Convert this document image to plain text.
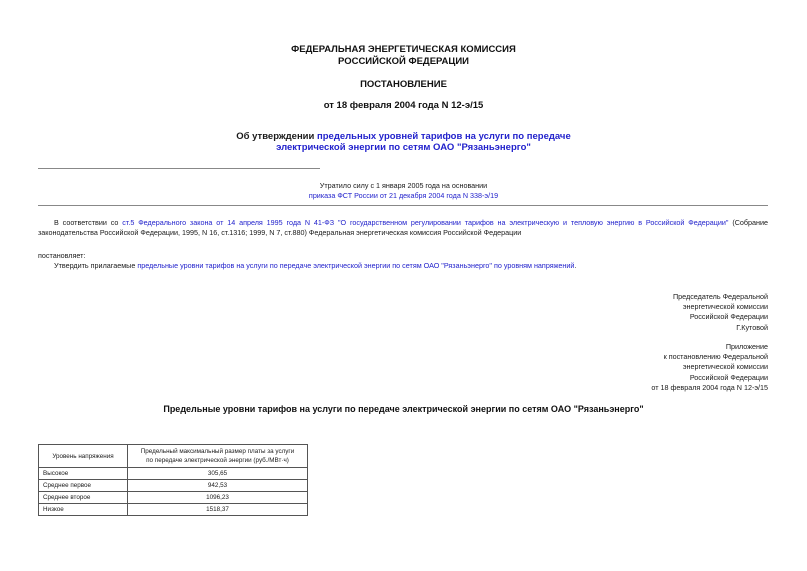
ФЕДЕРАЛЬНАЯ ЭНЕРГЕТИЧЕСКАЯ КОМИССИЯ
РОССИЙСКОЙ ФЕДЕРАЦИИ
ПОСТАНОВЛЕНИЕ
от 18 февраля 2004 года N 12-э/15
Об утверждении предельных уровней тарифов на услуги по передаче
электрической энергии по сетям ОАО "Рязаньэнерго"
Утратило силу с 1 января 2005 года на основании
приказа ФСТ России от 21 декабря 2004 года N 338-э/19
В соответствии со ст.5 Федерального закона от 14 апреля 1995 года N 41-ФЗ "О государственном регулировании тарифов на электрическую и тепловую энергию в Российской Федерации" (Собрание законодательства Российской Федерации, 1995, N 16, ст.1316; 1999, N 7, ст.880) Федеральная энергетическая комиссия Российской Федерации
постановляет:
Утвердить прилагаемые предельные уровни тарифов на услуги по передаче электрической энергии по сетям ОАО "Рязаньэнерго" по уровням напряжений.
Председатель Федеральной
энергетической комиссии
Российской Федерации
Г.Кутовой
Приложение
к постановлению Федеральной
энергетической комиссии
Российской Федерации
от 18 февраля 2004 года N 12-э/15
Предельные уровни тарифов на услуги по передаче электрической энергии по сетям ОАО "Рязаньэнерго"
Уровень напряжения	Предельный максимальный размер платы за услуги
по передаче электрической энергии (руб./МВт·ч)

Высокое	305,65
Среднее первое	942,53
Среднее второе	1096,23
Низкое	1518,37
